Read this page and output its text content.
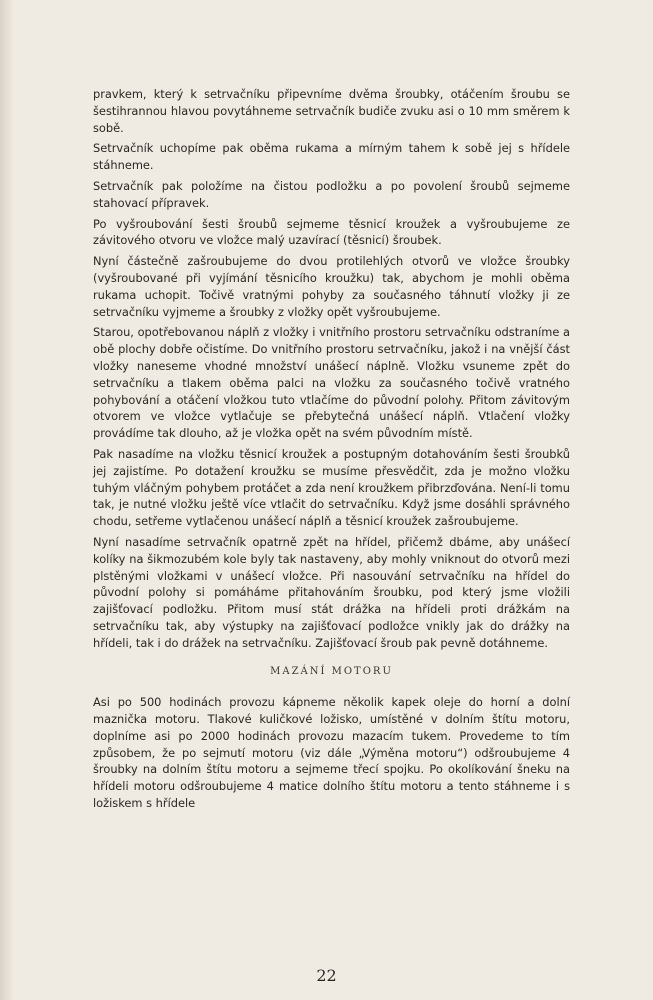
pravkem, který k setrvačníku připevníme dvěma šroubky, otáčením šroubu se šestihrannou hlavou povytáhneme setrvačník budiče zvuku asi o 10 mm směrem k sobě.

Setrvačník uchopíme pak oběma rukama a mírným tahem k sobě jej s hřídele stáhneme.

Setrvačník pak položíme na čistou podložku a po povolení šroubů sejmeme stahovací přípravek.

Po vyšroubování šesti šroubů sejmeme těsnicí kroužek a vyšroubujeme ze závitového otvoru ve vložce malý uzavírací (těsnicí) šroubek.

Nyní částečně zašroubujeme do dvou protilehlých otvorů ve vložce šroubky (vyšroubované při vyjímání těsnicího kroužku) tak, abychom je mohli oběma rukama uchopit. Točivě vratnými pohyby za současného táhnutí vložky ji ze setrvačníku vyjmeme a šroubky z vložky opět vyšroubujeme.

Starou, opotřebovanou náplň z vložky i vnitřního prostoru setrvačníku odstraníme a obě plochy dobře očistíme. Do vnitřního prostoru setrvačníku, jakož i na vnější část vložky naneseme vhodné množství unášecí náplně. Vložku vsuneme zpět do setrvačníku a tlakem oběma palci na vložku za současného točivě vratného pohybování a otáčení vložkou tuto vtlačíme do původní polohy. Přitom závitovým otvorem ve vložce vytlačuje se přebytečná unášecí náplň. Vtlačení vložky provádíme tak dlouho, až je vložka opět na svém původním místě.

Pak nasadíme na vložku těsnicí kroužek a postupným dotahováním šesti šroubků jej zajistíme. Po dotažení kroužku se musíme přesvědčit, zda je možno vložku tuhým vláčným pohybem protáčet a zda není kroužkem přibrzďována. Není-li tomu tak, je nutné vložku ještě více vtlačit do setrvačníku. Když jsme dosáhli správného chodu, setřeme vytlačenou unášecí náplň a těsnicí kroužek zašroubujeme.

Nyní nasadíme setrvačník opatrně zpět na hřídel, přičemž dbáme, aby unášecí kolíky na šikmozubém kole byly tak nastaveny, aby mohly vniknout do otvorů mezi plstěnými vložkami v unášecí vložce. Při nasouvání setrvačníku na hřídel do původní polohy si pomáháme přitahováním šroubku, pod který jsme vložili zajišťovací podložku. Přitom musí stát drážka na hřídeli proti drážkám na setrvačníku tak, aby výstupky na zajišťovací podložce vnikly jak do drážky na hřídeli, tak i do drážek na setrvačníku. Zajišťovací šroub pak pevně dotáhneme.

MAZÁNÍ MOTORU

Asi po 500 hodinách provozu kápneme několik kapek oleje do horní a dolní maznička motoru. Tlakové kuličkové ložisko, umístěné v dolním štítu motoru, doplníme asi po 2000 hodinách provozu mazacím tukem. Provedeme to tím způsobem, že po sejmutí motoru (viz dále „Výměna motoru“) odšroubujeme 4 šroubky na dolním štítu motoru a sejmeme třecí spojku. Po okolíkování šneku na hřídeli motoru odšroubujeme 4 matice dolního štítu motoru a tento stáhneme i s ložiskem s hřídele

22
